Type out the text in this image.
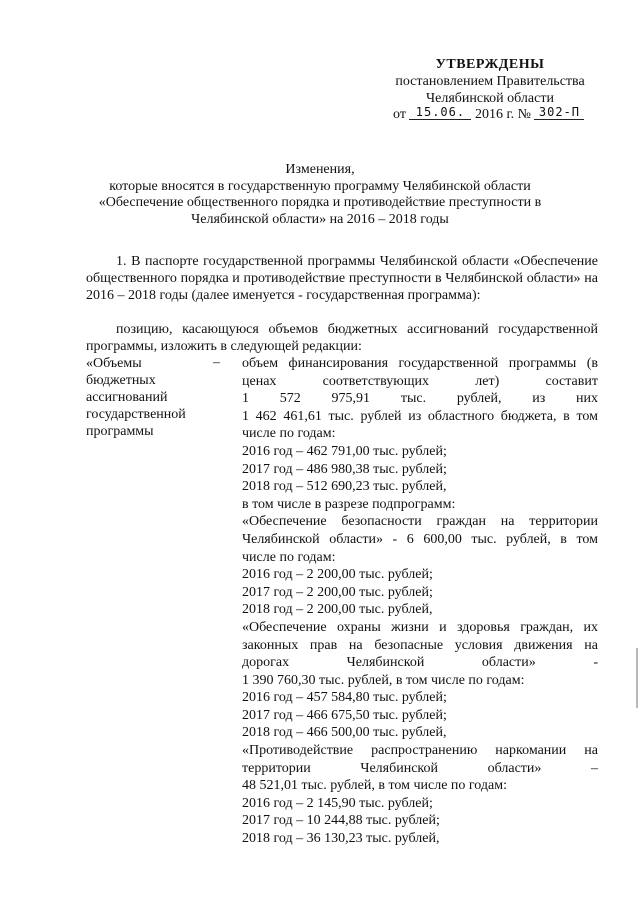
УТВЕРЖДЕНЫ
постановлением Правительства
Челябинской области
от 15.06. 2016 г. № 302-П
Изменения,
которые вносятся в государственную программу Челябинской области
«Обеспечение общественного порядка и противодействие преступности в
Челябинской области» на 2016 – 2018 годы
1. В паспорте государственной программы Челябинской области «Обеспечение общественного порядка и противодействие преступности в Челябинской области» на 2016 – 2018 годы (далее именуется - государственная программа):
позицию, касающуюся объемов бюджетных ассигнований государственной программы, изложить в следующей редакции:
«Объемы
бюджетных
ассигнований
государственной
программы
– объем финансирования государственной программы (в
ценах соответствующих лет) составит
1 572 975,91 тыс. рублей, из них
1 462 461,61 тыс. рублей из областного бюджета, в том
числе по годам:
2016 год – 462 791,00 тыс. рублей;
2017 год – 486 980,38 тыс. рублей;
2018 год – 512 690,23 тыс. рублей,
в том числе в разрезе подпрограмм:
«Обеспечение безопасности граждан на территории
Челябинской области» - 6 600,00 тыс. рублей, в том
числе по годам:
2016 год – 2 200,00 тыс. рублей;
2017 год – 2 200,00 тыс. рублей;
2018 год – 2 200,00 тыс. рублей,
«Обеспечение охраны жизни и здоровья граждан, их
законных прав на безопасные условия движения на
дорогах Челябинской области» -
1 390 760,30 тыс. рублей, в том числе по годам:
2016 год – 457 584,80 тыс. рублей;
2017 год – 466 675,50 тыс. рублей;
2018 год – 466 500,00 тыс. рублей,
«Противодействие распространению наркомании на
территории Челябинской области» –
48 521,01 тыс. рублей, в том числе по годам:
2016 год – 2 145,90 тыс. рублей;
2017 год – 10 244,88 тыс. рублей;
2018 год – 36 130,23 тыс. рублей,
